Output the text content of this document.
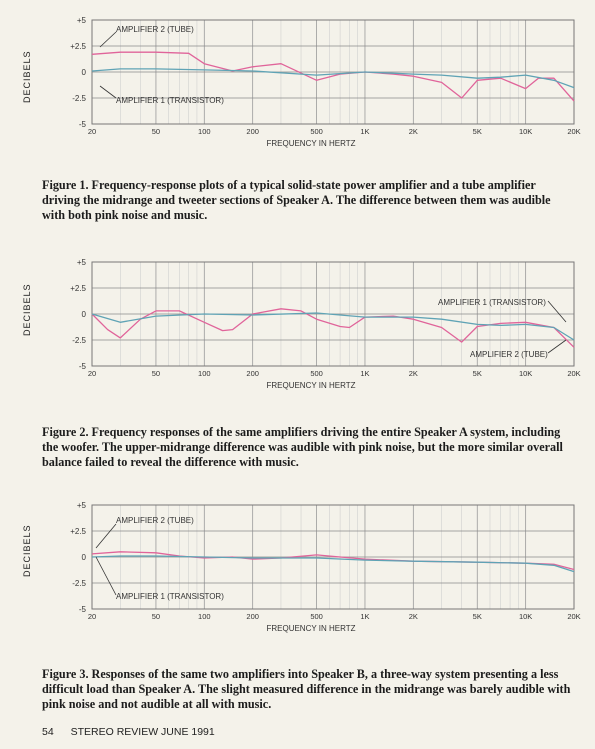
DECIBELS
+5
+2.5
0
-2.5
-5
20	50	100	200	500	1K	2K	5K	10K	20K
FREQUENCY IN HERTZ
AMPLIFIER 2 (TUBE)
AMPLIFIER 1 (TRANSISTOR)
Figure 1. Frequency-response plots of a typical solid-state power amplifier and a tube amplifier driving the midrange and tweeter sections of Speaker A. The difference between them was audible with both pink noise and music.
DECIBELS
+5
+2.5
0
-2.5
-5
20	50	100	200	500	1K	2K	5K	10K	20K
FREQUENCY IN HERTZ
AMPLIFIER 1 (TRANSISTOR)
AMPLIFIER 2 (TUBE)
Figure 2. Frequency responses of the same amplifiers driving the entire Speaker A system, including the woofer. The upper-midrange difference was audible with pink noise, but the more similar overall balance failed to reveal the difference with music.
DECIBELS
+5
+2.5
0
-2.5
-5
20	50	100	200	500	1K	2K	5K	10K	20K
FREQUENCY IN HERTZ
AMPLIFIER 2 (TUBE)
AMPLIFIER 1 (TRANSISTOR)
Figure 3. Responses of the same two amplifiers into Speaker B, a three-way system presenting a less difficult load than Speaker A. The slight measured difference in the midrange was barely audible with pink noise and not audible at all with music.
54 STEREO REVIEW JUNE 1991
